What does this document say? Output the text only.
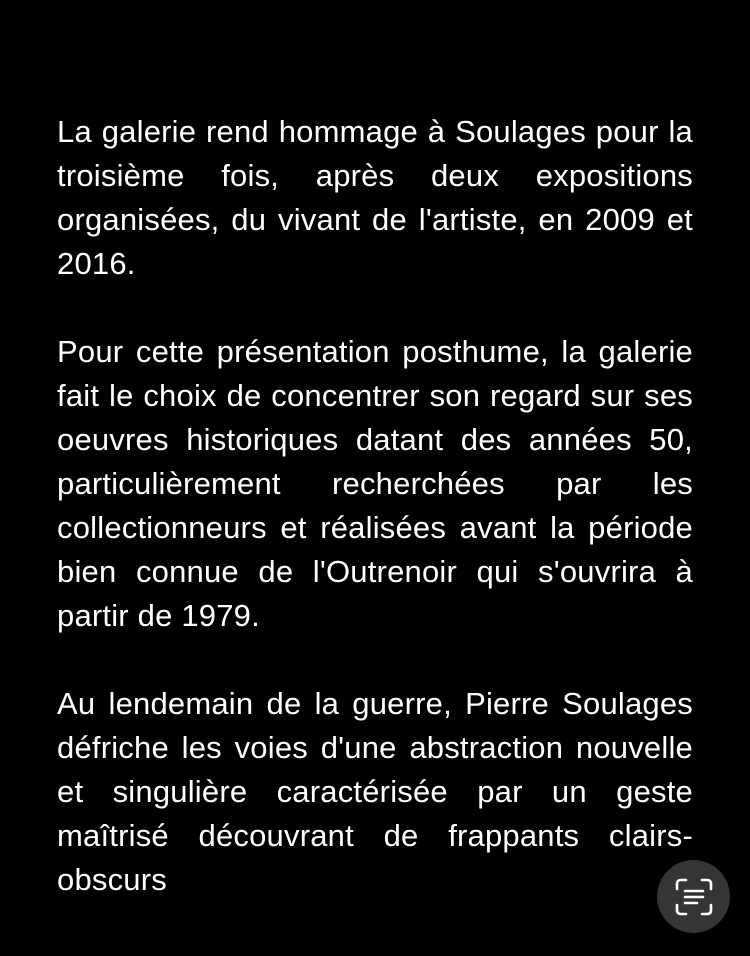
La galerie rend hommage à Soulages pour la troisième fois, après deux expositions organisées, du vivant de l'artiste, en 2009 et 2016.

Pour cette présentation posthume, la galerie fait le choix de concentrer son regard sur ses oeuvres historiques datant des années 50, particulièrement recherchées par les collectionneurs et réalisées avant la période bien connue de l'Outrenoir qui s'ouvrira à partir de 1979.

Au lendemain de la guerre, Pierre Soulages défriche les voies d'une abstraction nouvelle et singulière caractérisée par un geste maîtrisé découvrant de frappants clairs-obscurs
